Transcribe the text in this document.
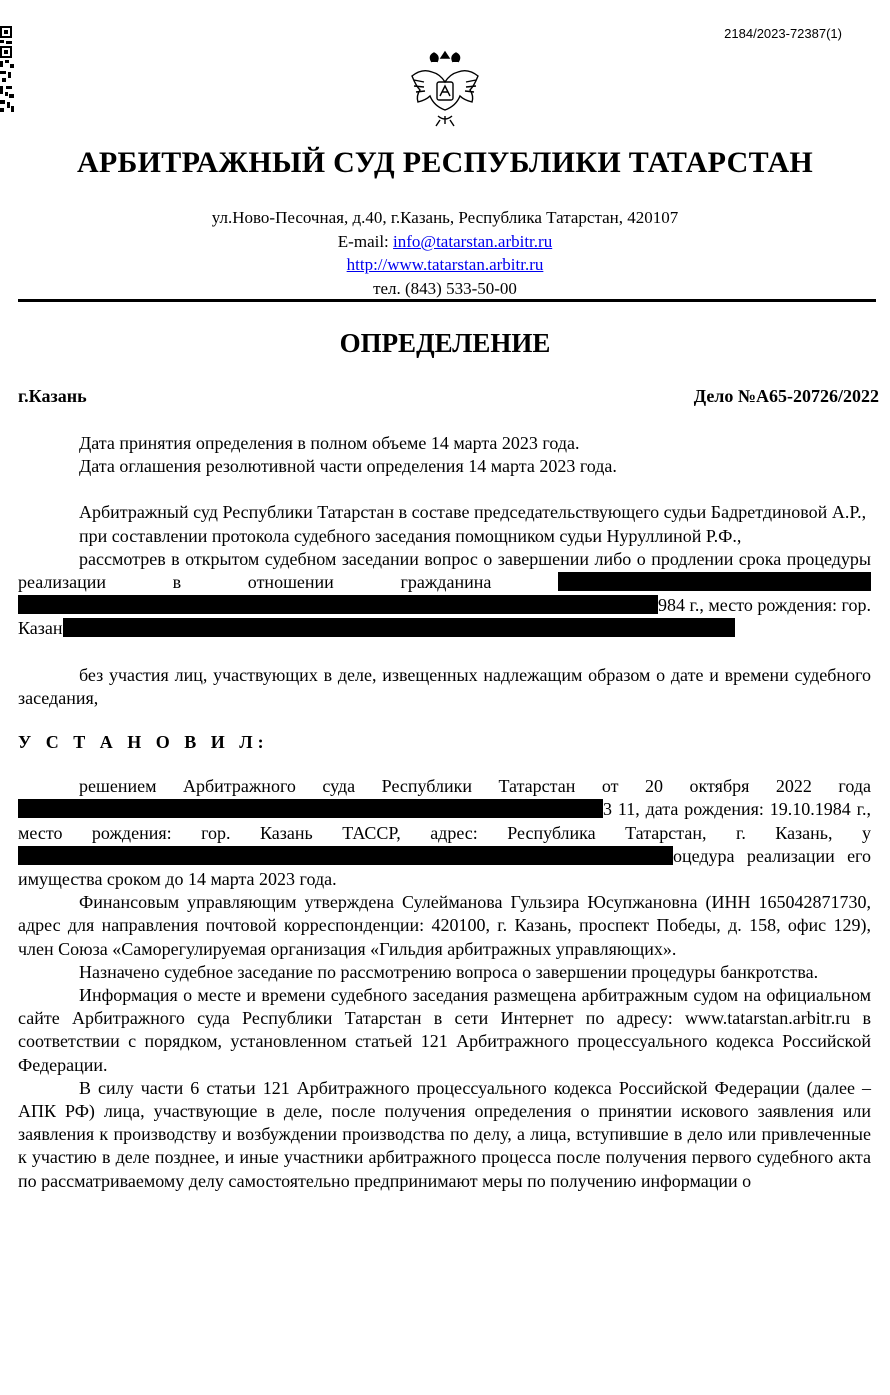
2184/2023-72387(1)
АРБИТРАЖНЫЙ СУД РЕСПУБЛИКИ ТАТАРСТАН
ул.Ново-Песочная, д.40, г.Казань, Республика Татарстан, 420107
E-mail: info@tatarstan.arbitr.ru
http://www.tatarstan.arbitr.ru
тел. (843) 533-50-00
ОПРЕДЕЛЕНИЕ
г.Казань	Дело №А65-20726/2022

Дата принятия определения в полном объеме 14 марта 2023 года.

Дата оглашения резолютивной части определения 14 марта 2023 года.

Арбитражный суд Республики Татарстан в составе председательствующего судьи Бадретдиновой А.Р.,

при составлении протокола судебного заседания помощником судьи Нуруллиной Р.Ф.,

рассмотрев в открытом судебном заседании вопрос о завершении либо о продлении срока процедуры реализации в отношении гражданина  984 г., место рождения: гор. Казан

без участия лиц, участвующих в деле, извещенных надлежащим образом о дате и времени судебного заседания,

У С Т А Н О В И Л:

решением Арбитражного суда Республики Татарстан от 20 октября 2022 года 3 11, дата рождения: 19.10.1984 г., место рождения: гор. Казань ТАССР, адрес: Республика Татарстан, г. Казань, уоцедура реализации его имущества сроком до 14 марта 2023 года.

Финансовым управляющим утверждена Сулейманова Гульзира Юсупжановна (ИНН 165042871730, адрес для направления почтовой корреспонденции: 420100, г. Казань, проспект Победы, д. 158, офис 129), член Союза «Саморегулируемая организация «Гильдия арбитражных управляющих».

Назначено судебное заседание по рассмотрению вопроса о завершении процедуры банкротства.

Информация о месте и времени судебного заседания размещена арбитражным судом на официальном сайте Арбитражного суда Республики Татарстан в сети Интернет по адресу: www.tatarstan.arbitr.ru в соответствии с порядком, установленном статьей 121 Арбитражного процессуального кодекса Российской Федерации.

В силу части 6 статьи 121 Арбитражного процессуального кодекса Российской Федерации (далее – АПК РФ) лица, участвующие в деле, после получения определения о принятии искового заявления или заявления к производству и возбуждении производства по делу, а лица, вступившие в дело или привлеченные к участию в деле позднее, и иные участники арбитражного процесса после получения первого судебного акта по рассматриваемому делу самостоятельно предпринимают меры по получению информации о
